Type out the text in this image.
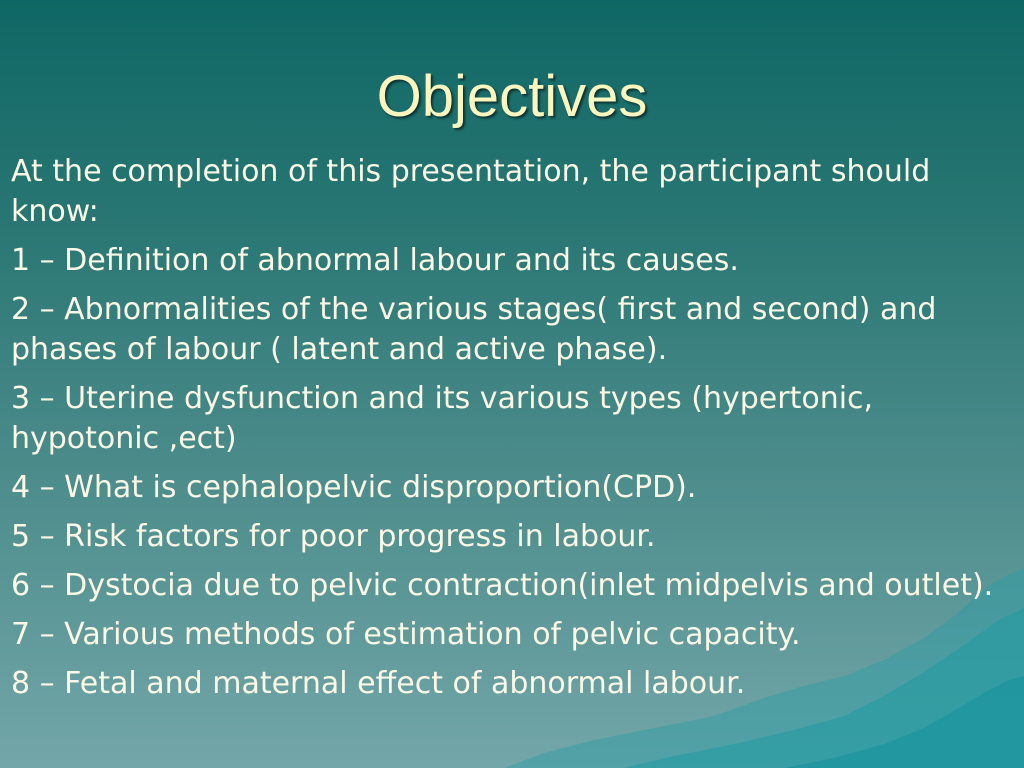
Objectives

At the completion of this presentation, the participant should know:

1 – Definition of abnormal labour and its causes.

2 – Abnormalities of the various stages( first and second) and phases of labour ( latent and active phase).

3 – Uterine dysfunction and its various types (hypertonic, hypotonic ,ect)

4 – What is cephalopelvic disproportion(CPD).

5 – Risk factors for poor progress in labour.

6 – Dystocia due to pelvic contraction(inlet midpelvis and outlet).

7 – Various methods of estimation of pelvic capacity.

8 – Fetal and maternal effect of abnormal labour.
